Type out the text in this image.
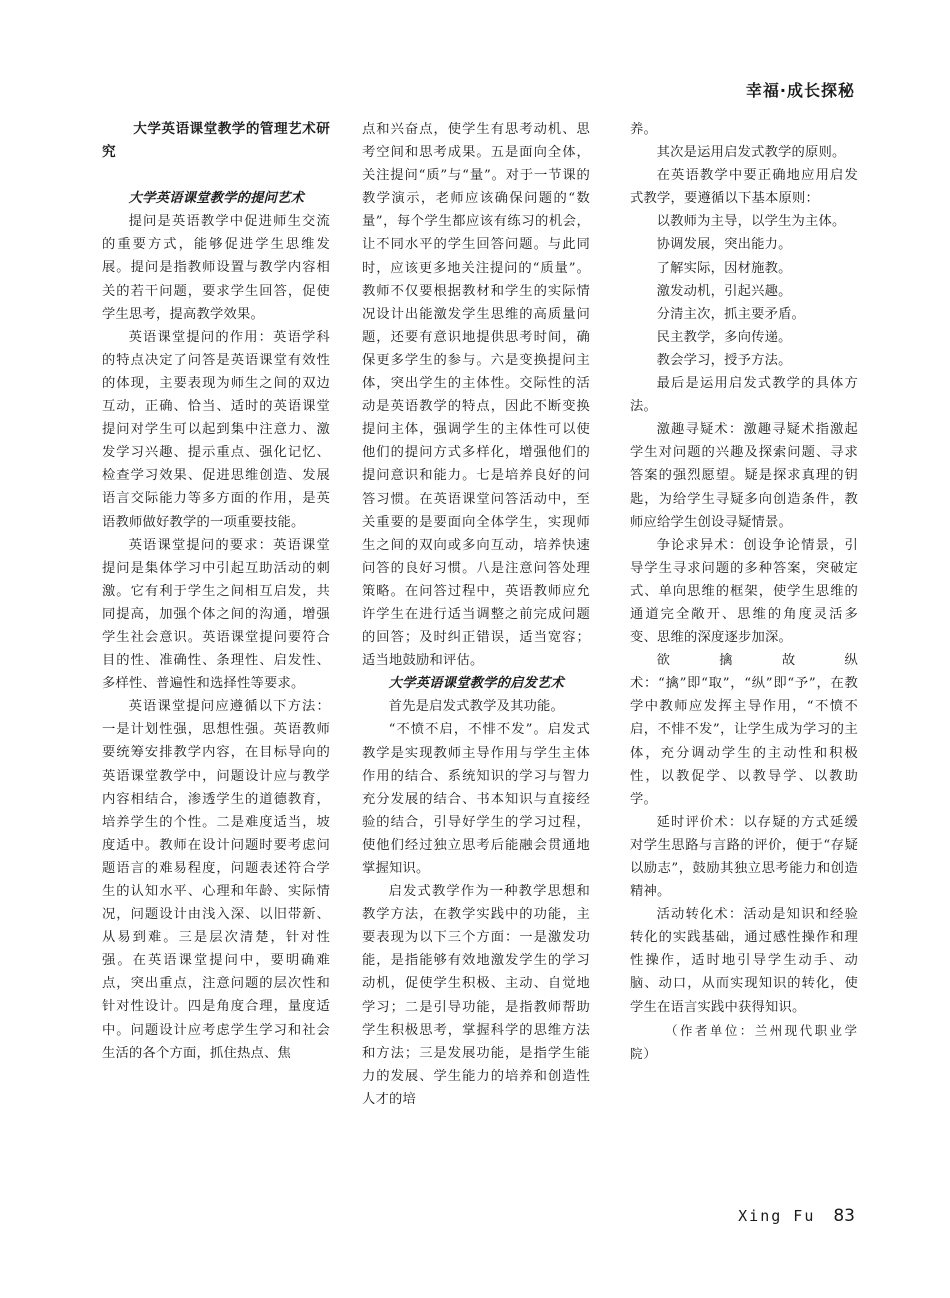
幸福·成长探秘

大学英语课堂教学的管理艺术研究

大学英语课堂教学的提问艺术

提问是英语教学中促进师生交流的重要方式，能够促进学生思维发展。提问是指教师设置与教学内容相关的若干问题，要求学生回答，促使学生思考，提高教学效果。

英语课堂提问的作用：英语学科的特点决定了问答是英语课堂有效性的体现，主要表现为师生之间的双边互动，正确、恰当、适时的英语课堂提问对学生可以起到集中注意力、激发学习兴趣、提示重点、强化记忆、检查学习效果、促进思维创造、发展语言交际能力等多方面的作用，是英语教师做好教学的一项重要技能。

英语课堂提问的要求：英语课堂提问是集体学习中引起互助活动的刺激。它有利于学生之间相互启发，共同提高，加强个体之间的沟通，增强学生社会意识。英语课堂提问要符合目的性、准确性、条理性、启发性、多样性、普遍性和选择性等要求。

英语课堂提问应遵循以下方法：一是计划性强，思想性强。英语教师要统筹安排教学内容，在目标导向的英语课堂教学中，问题设计应与教学内容相结合，渗透学生的道德教育，培养学生的个性。二是难度适当，坡度适中。教师在设计问题时要考虑问题语言的难易程度，问题表述符合学生的认知水平、心理和年龄、实际情况，问题设计由浅入深、以旧带新、从易到难。三是层次清楚，针对性强。在英语课堂提问中，要明确难点，突出重点，注意问题的层次性和针对性设计。四是角度合理，量度适中。问题设计应考虑学生学习和社会生活的各个方面，抓住热点、焦

点和兴奋点，使学生有思考动机、思考空间和思考成果。五是面向全体，关注提问“质”与“量”。对于一节课的教学演示，老师应该确保问题的“数量”，每个学生都应该有练习的机会，让不同水平的学生回答问题。与此同时，应该更多地关注提问的“质量”。教师不仅要根据教材和学生的实际情况设计出能激发学生思维的高质量问题，还要有意识地提供思考时间，确保更多学生的参与。六是变换提问主体，突出学生的主体性。交际性的活动是英语教学的特点，因此不断变换提问主体，强调学生的主体性可以使他们的提问方式多样化，增强他们的提问意识和能力。七是培养良好的问答习惯。在英语课堂问答活动中，至关重要的是要面向全体学生，实现师生之间的双向或多向互动，培养快速问答的良好习惯。八是注意问答处理策略。在问答过程中，英语教师应允许学生在进行适当调整之前完成问题的回答；及时纠正错误，适当宽容；适当地鼓励和评估。

大学英语课堂教学的启发艺术

首先是启发式教学及其功能。

“不愤不启，不悱不发”。启发式教学是实现教师主导作用与学生主体作用的结合、系统知识的学习与智力充分发展的结合、书本知识与直接经验的结合，引导好学生的学习过程，使他们经过独立思考后能融会贯通地掌握知识。

启发式教学作为一种教学思想和教学方法，在教学实践中的功能，主要表现为以下三个方面：一是激发功能，是指能够有效地激发学生的学习动机，促使学生积极、主动、自觉地学习；二是引导功能，是指教师帮助学生积极思考，掌握科学的思维方法和方法；三是发展功能，是指学生能力的发展、学生能力的培养和创造性人才的培

养。

其次是运用启发式教学的原则。

在英语教学中要正确地应用启发式教学，要遵循以下基本原则：

以教师为主导，以学生为主体。

协调发展，突出能力。

了解实际，因材施教。

激发动机，引起兴趣。

分清主次，抓主要矛盾。

民主教学，多向传递。

教会学习，授予方法。

最后是运用启发式教学的具体方法。

激趣寻疑术：激趣寻疑术指激起学生对问题的兴趣及探索问题、寻求答案的强烈愿望。疑是探求真理的钥匙，为给学生寻疑多向创造条件，教师应给学生创设寻疑情景。

争论求异术：创设争论情景，引导学生寻求问题的多种答案，突破定式、单向思维的框架，使学生思维的通道完全敞开、思维的角度灵活多变、思维的深度逐步加深。

欲擒故纵术：“擒”即“取”，“纵”即“予”，在教学中教师应发挥主导作用，“不愤不启，不悱不发”，让学生成为学习的主体，充分调动学生的主动性和积极性，以教促学、以教导学、以教助学。

延时评价术：以存疑的方式延缓对学生思路与言路的评价，便于“存疑以励志”，鼓励其独立思考能力和创造精神。

活动转化术：活动是知识和经验转化的实践基础，通过感性操作和理性操作，适时地引导学生动手、动脑、动口，从而实现知识的转化，使学生在语言实践中获得知识。

（作者单位：兰州现代职业学院）

Xing Fu 83
